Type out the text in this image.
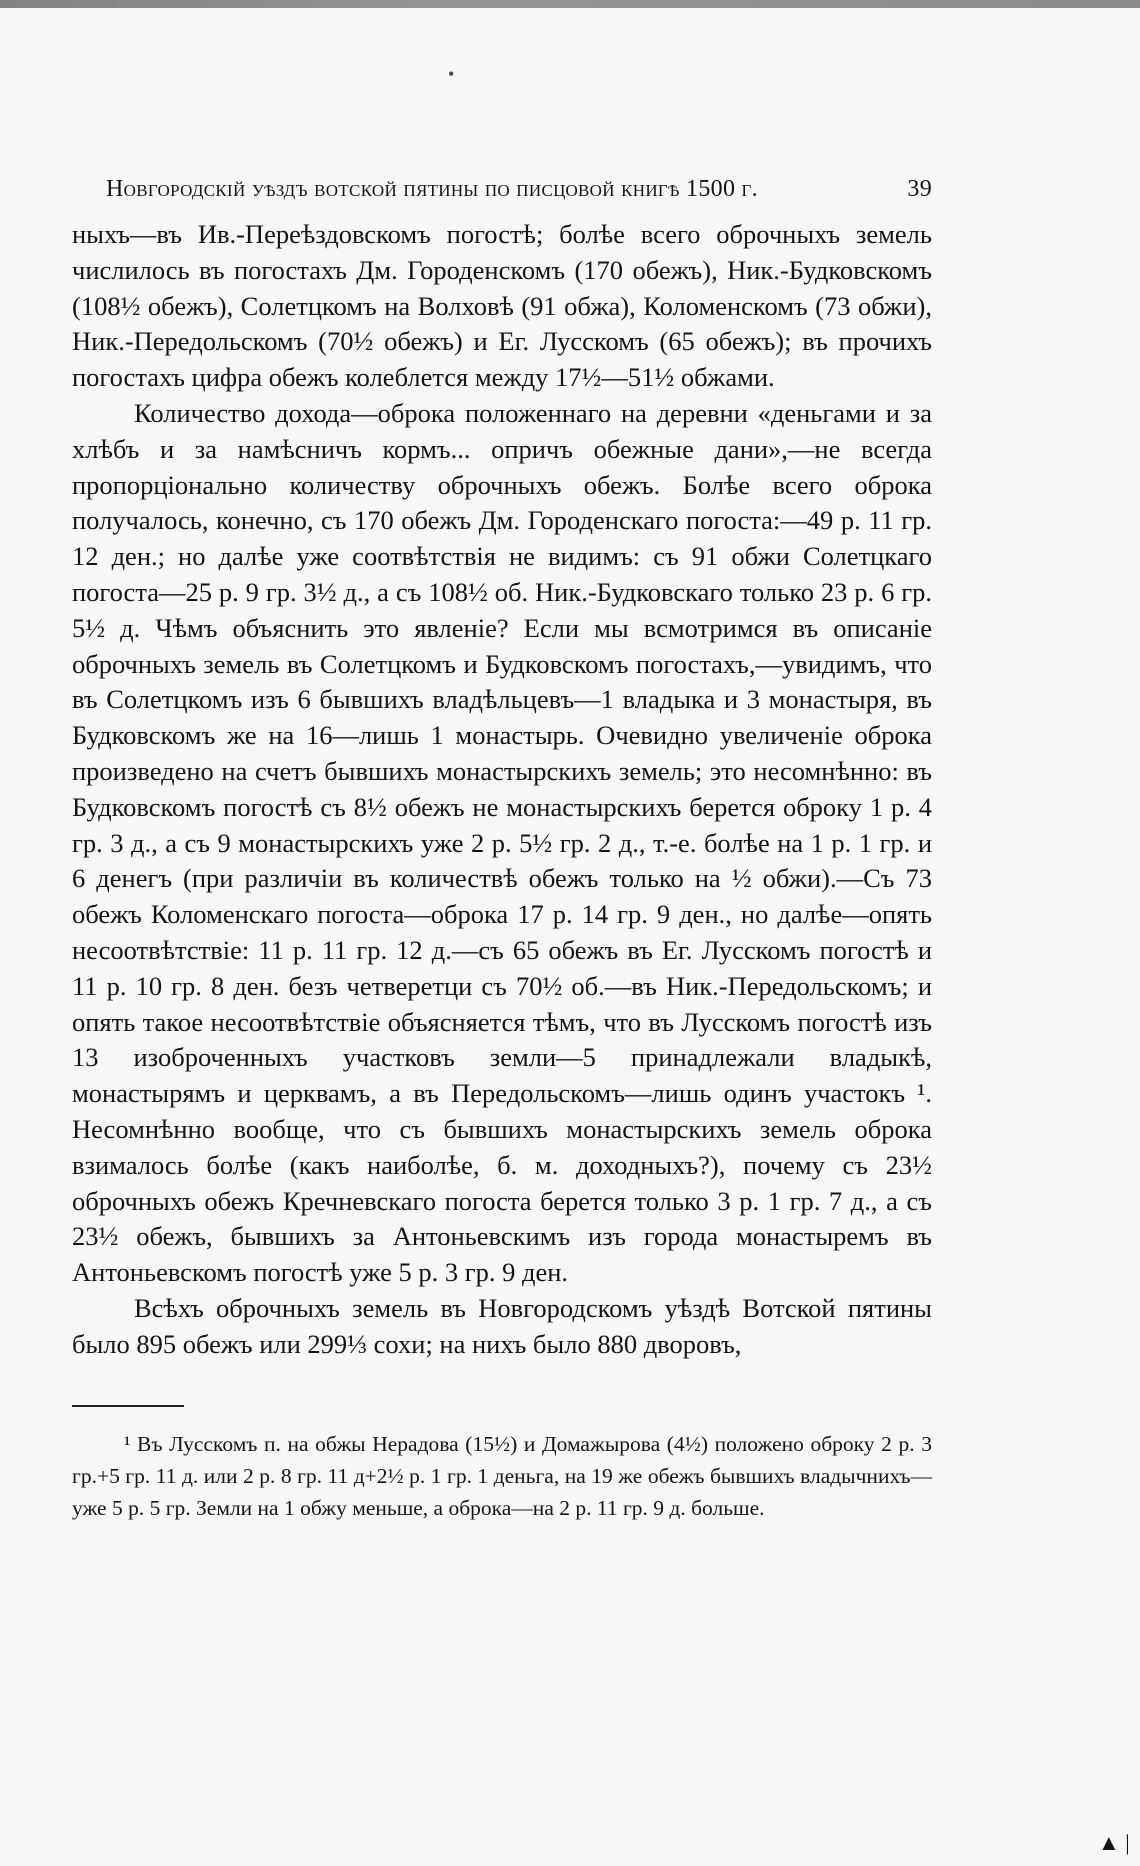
•
Новгородскій уѣздъ вотской пятины по писцовой книгѣ 1500 г.	39

ныхъ—въ Ив.-Переѣздовскомъ погостѣ; болѣе всего оброчныхъ земель числилось въ погостахъ Дм. Городенскомъ (170 обежъ), Ник.-Будковскомъ (108½ обежъ), Солетцкомъ на Волховѣ (91 обжа), Коломенскомъ (73 обжи), Ник.-Передольскомъ (70½ обежъ) и Ег. Лусскомъ (65 обежъ); въ прочихъ погостахъ цифра обежъ колеблется между 17½—51½ обжами.

Количество дохода—оброка положеннаго на деревни «деньгами и за хлѣбъ и за намѣсничъ кормъ... опричъ обежные дани»,—не всегда пропорціонально количеству оброчныхъ обежъ. Болѣе всего оброка получалось, конечно, съ 170 обежъ Дм. Городенскаго погоста:—49 р. 11 гр. 12 ден.; но далѣе уже соотвѣтствія не видимъ: съ 91 обжи Солетцкаго погоста—25 р. 9 гр. 3½ д., а съ 108½ об. Ник.-Будковскаго только 23 р. 6 гр. 5½ д. Чѣмъ объяснить это явленіе? Если мы всмотримся въ описаніе оброчныхъ земель въ Солетцкомъ и Будковскомъ погостахъ,—увидимъ, что въ Солетцкомъ изъ 6 бывшихъ владѣльцевъ—1 владыка и 3 монастыря, въ Будковскомъ же на 16—лишь 1 монастырь. Очевидно увеличеніе оброка произведено на счетъ бывшихъ монастырскихъ земель; это несомнѣнно: въ Будковскомъ погостѣ съ 8½ обежъ не монастырскихъ берется оброку 1 р. 4 гр. 3 д., а съ 9 монастырскихъ уже 2 р. 5½ гр. 2 д., т.-е. болѣе на 1 р. 1 гр. и 6 денегъ (при различіи въ количествѣ обежъ только на ½ обжи).—Съ 73 обежъ Коломенскаго погоста—оброка 17 р. 14 гр. 9 ден., но далѣе—опять несоотвѣтствіе: 11 р. 11 гр. 12 д.—съ 65 обежъ въ Ег. Лусскомъ погостѣ и 11 р. 10 гр. 8 ден. безъ четверетци съ 70½ об.—въ Ник.-Передольскомъ; и опять такое несоотвѣтствіе объясняется тѣмъ, что въ Лусскомъ погостѣ изъ 13 изоброченныхъ участковъ земли—5 принадлежали владыкѣ, монастырямъ и церквамъ, а въ Передольскомъ—лишь одинъ участокъ ¹. Несомнѣнно вообще, что съ бывшихъ монастырскихъ земель оброка взималось болѣе (какъ наиболѣе, б. м. доходныхъ?), почему съ 23½ оброчныхъ обежъ Кречневскаго погоста берется только 3 р. 1 гр. 7 д., а съ 23½ обежъ, бывшихъ за Антоньевскимъ изъ города монастыремъ въ Антоньевскомъ погостѣ уже 5 р. 3 гр. 9 ден.

Всѣхъ оброчныхъ земель въ Новгородскомъ уѣздѣ Вотской пятины было 895 обежъ или 299⅓ сохи; на нихъ было 880 дворовъ,

¹ Въ Лусскомъ п. на обжы Нерадова (15½) и Домажырова (4½) положено оброку 2 р. 3 гр.+5 гр. 11 д. или 2 р. 8 гр. 11 д+2½ р. 1 гр. 1 деньга, на 19 же обежъ бывшихъ владычнихъ—уже 5 р. 5 гр. Земли на 1 обжу меньше, а оброка—на 2 р. 11 гр. 9 д. больше.

▲ |
